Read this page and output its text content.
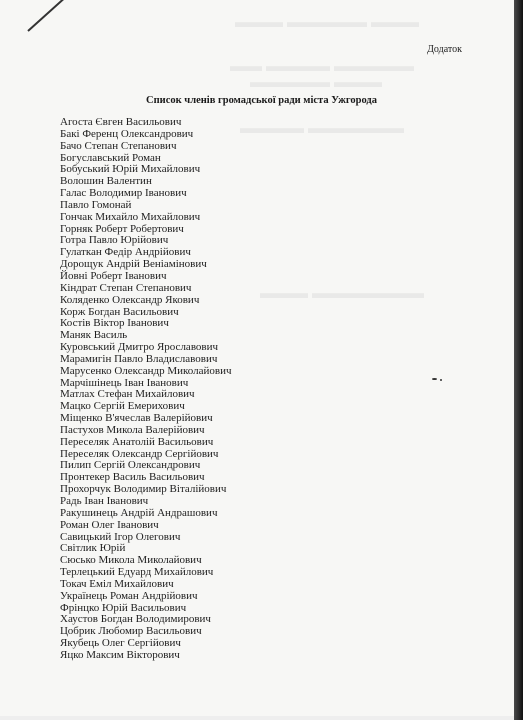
▬▬▬ ▬▬▬▬▬ ▬▬▬
▬▬ ▬▬▬▬ ▬▬▬▬▬
▬▬▬▬▬ ▬▬▬
▬▬▬▬ ▬▬▬▬▬▬
▬▬▬ ▬▬▬▬▬▬▬
Додаток
Список членів громадської ради міста Ужгорода
Агоста Євген Васильович
Бакі Ференц Олександрович
Бачо Степан Степанович
Богуславський Роман
Бобуський Юрій Михайлович
Волошин Валентин
Галас Володимир Іванович
Павло Гомонай
Гончак Михайло Михайлович
Горняк Роберт Робертович
Готра Павло Юрійович
Гулаткан Федір Андрійович
Дорощук Андрій Веніамінович
Йовні Роберт Іванович
Кіндрат Степан Степанович
Колядeнко Олександр Якович
Корж Богдан Васильович
Костів Віктор Іванович
Маняк Василь
Куровський Дмитро Ярославович
Марамигін Павло Владиславович
Марусенко Олександр Миколайович
Марчішінець Іван Іванович
Матлах Стефан Михайлович
Мацко Сергій Емерихович
Міщенко В'ячеслав Валерійович
Пастухов Микола Валерійович
Переселяк Анатолій Васильович
Переселяк Олександр Сергійович
Пилип Сергій Олександрович
Пронтекер Василь Васильович
Прохорчук Володимир Віталійович
Радь Іван Іванович
Ракушинець Андрій Андрашович
Роман Олег Іванович
Савицький Ігор Олегович
Світлик Юрій
Сюсько Микола Миколайович
Терлецький Едуард Михайлович
Токач Еміл Михайлович
Українець Роман Андрійович
Фрінцко Юрій Васильович
Хаустов Богдан Володимирович
Цобрик Любомир Васильович
Якубець Олег Сергійович
Яцко Максим Вікторович
